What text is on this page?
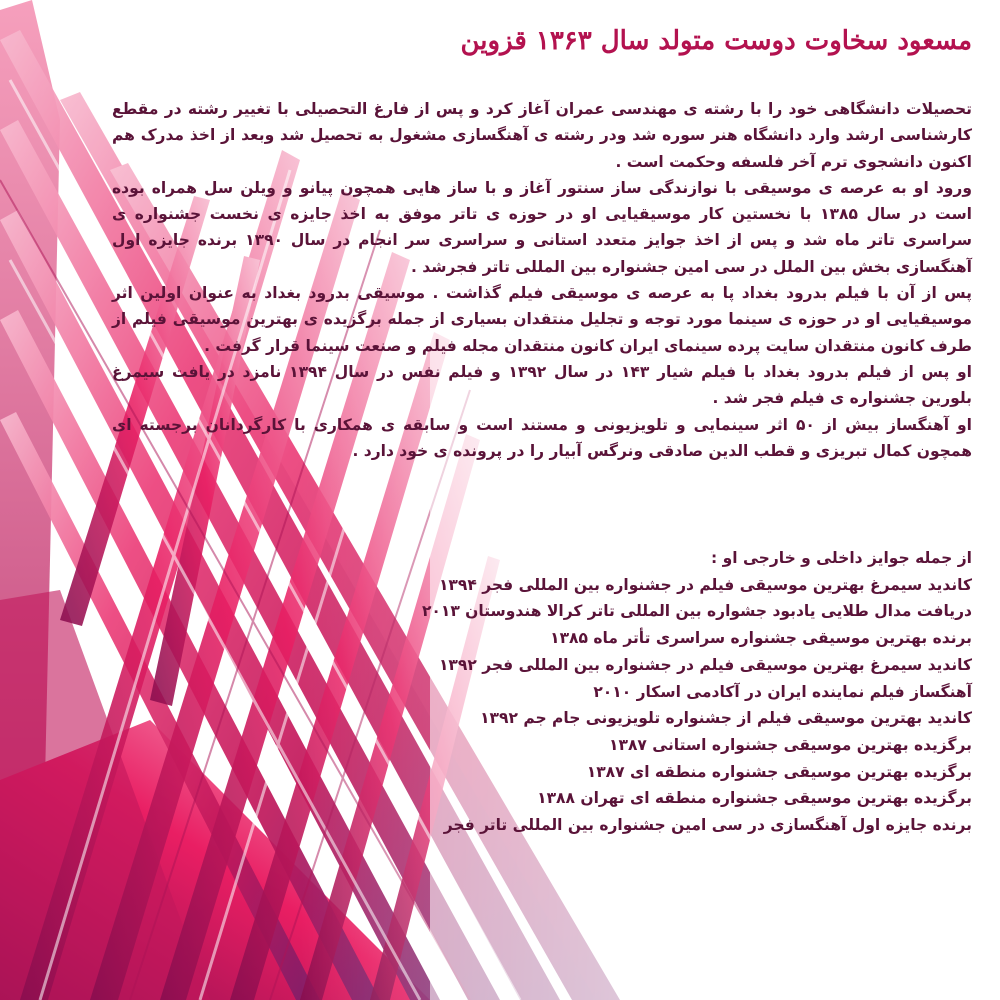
مسعود سخاوت دوست متولد سال ۱۳۶۳ قزوین

تحصیلات دانشگاهی خود را با رشته ی مهندسی عمران آغاز کرد و پس از فارغ التحصیلی با تغییر رشته در مقطع کارشناسی ارشد وارد دانشگاه هنر سوره شد ودر رشته ی آهنگسازی مشغول به تحصیل شد وبعد از اخذ مدرک هم اکنون دانشجوی ترم آخر فلسفه وحکمت است .

ورود او به عرصه ی موسیقی با نوازندگی ساز سنتور آغاز و با ساز هایی همچون پیانو و ویلن سل همراه بوده است در سال ۱۳۸۵ با نخستین کار موسیقیایی او در حوزه ی تاتر موفق به اخذ جایزه ی نخست جشنواره ی سراسری تاتر ماه شد و پس از اخذ جوایز متعدد استانی و سراسری سر انجام در سال ۱۳۹۰ برنده جایزه اول آهنگسازی بخش بین الملل در سی امین جشنواره بین المللی تاتر فجرشد .

پس از آن با فیلم بدرود بغداد پا به عرصه ی موسیقی فیلم گذاشت . موسیقی بدرود بغداد به عنوان اولین اثر موسیقیایی او در حوزه ی سینما مورد توجه و تجلیل منتقدان بسیاری از جمله برگزیده ی بهترین موسیقی فیلم از طرف کانون منتقدان سایت پرده سینمای ایران کانون منتقدان مجله فیلم و صنعت سینما قرار گرفت .

او پس از فیلم بدرود بغداد با فیلم شیار ۱۴۳ در سال ۱۳۹۲ و فیلم نفس در سال ۱۳۹۴ نامزد در یافت سیمرغ بلورین جشنواره ی فیلم فجر شد .

او آهنگساز بیش از ۵۰ اثر سینمایی و تلویزیونی و مستند است و سابقه ی همکاری با کارگردانان برجسته ای همچون کمال تبریزی و قطب الدین صادقی ونرگس آبیار را در پرونده ی خود دارد .

از جمله جوایز داخلی و خارجی او :

کاندید سیمرغ بهترین موسیقی فیلم در جشنواره بین المللی فجر ۱۳۹۴
دریافت مدال طلایی یادبود جشواره بین المللی تاتر کرالا هندوستان ۲۰۱۳
برنده بهترین موسیقی جشنواره سراسری تأتر ماه ۱۳۸۵
کاندید سیمرغ بهترین موسیقی فیلم در جشنواره بین المللی فجر ۱۳۹۲
آهنگساز فیلم نماینده ایران در آکادمی اسکار ۲۰۱۰
کاندید بهترین موسیقی فیلم از جشنواره تلویزیونی جام جم ۱۳۹۲
برگزیده بهترین موسیقی جشنواره استانی ۱۳۸۷
برگزیده بهترین موسیقی جشنواره منطقه ای ۱۳۸۷
برگزیده بهترین موسیقی جشنواره منطقه ای تهران ۱۳۸۸
برنده جایزه اول آهنگسازی در سی امین جشنواره بین المللی تاتر فجر
